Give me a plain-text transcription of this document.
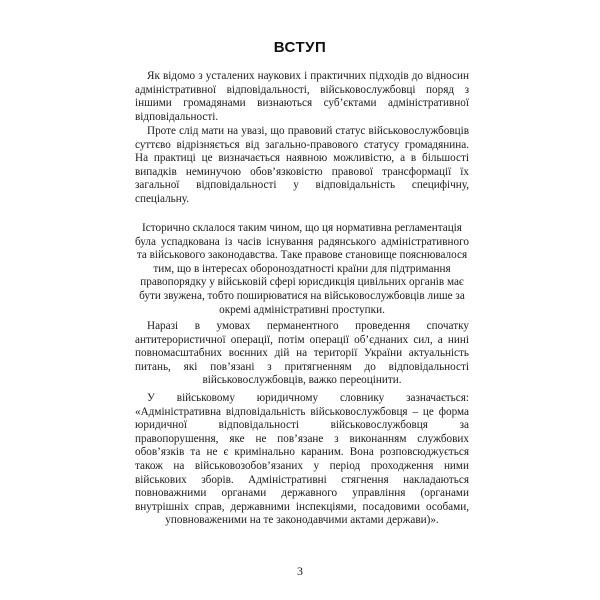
ВСТУП
Як відомо з усталених наукових і практичних підходів до відносин
адміністративної відповідальності, військовослужбовці поряд з
іншими громадянами визнаються суб’єктами адміністративної
відповідальності.
Проте слід мати на увазі, що правовий статус військовослужбовців
суттєво відрізняється від загально-правового статусу громадянина.
На практиці це визначається наявною можливістю, а в більшості
випадків неминучою обов’язковістю правової трансформації їх
загальної відповідальності у відповідальність специфічну,
спеціальну.
Історично склалося таким чином, що ця нормативна регламентація
була успадкована із часів існування радянського адміністративного
та військового законодавства. Таке правове становище пояснювалося
тим, що в інтересах обороноздатності країни для підтримання
правопорядку у військовій сфері юрисдикція цивільних органів має
бути звужена, тобто поширюватися на військовослужбовців лише за
окремі адміністративні проступки.
Наразі в умовах перманентного проведення спочатку
антитерористичної операції, потім операції об’єднаних сил, а нині
повномасштабних воєнних дій на території України актуальність
питань, які пов’язані з притягненням до відповідальності
військовослужбовців, важко переоцінити.
У військовому юридичному словнику зазначається:
«Адміністративна відповідальність військовослужбовця – це форма
юридичної відповідальності військовослужбовця за
правопорушення, яке не пов’язане з виконанням службових
обов’язків та не є кримінально караним. Вона розповсюджується
також на військовозобов’язаних у період проходження ними
військових зборів. Адміністративні стягнення накладаються
повноважними органами державного управління (органами
внутрішніх справ, державними інспекціями, посадовими особами,
уповноваженими на те законодавчими актами держави)».
3
